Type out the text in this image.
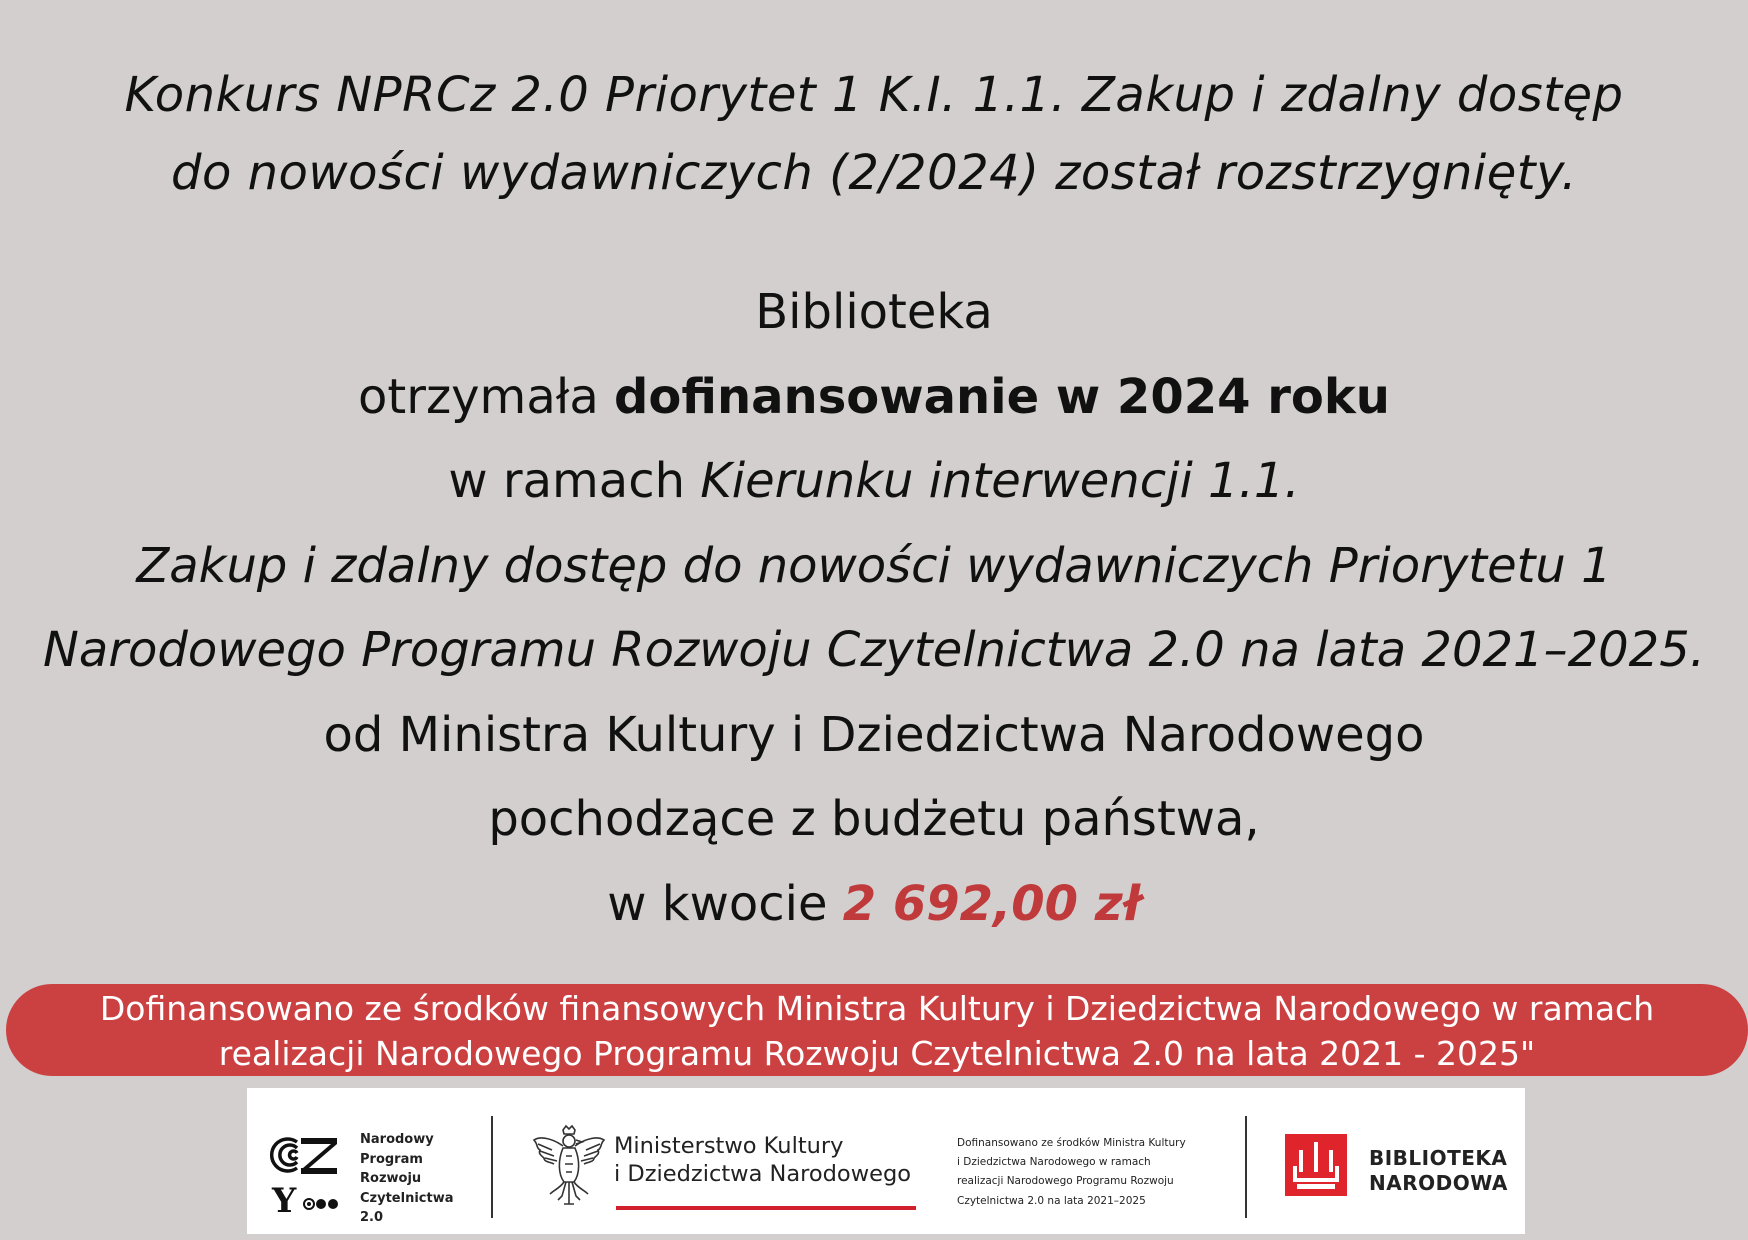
Konkurs NPRCz 2.0 Priorytet 1 K.I. 1.1. Zakup i zdalny dostęp
do nowości wydawniczych (2/2024) został rozstrzygnięty.
Biblioteka
otrzymała dofinansowanie w 2024 roku
w ramach Kierunku interwencji 1.1.
Zakup i zdalny dostęp do nowości wydawniczych Priorytetu 1
Narodowego Programu Rozwoju Czytelnictwa 2.0 na lata 2021–2025.
od Ministra Kultury i Dziedzictwa Narodowego
pochodzące z budżetu państwa,
w kwocie 2 692,00 zł
Dofinansowano ze środków finansowych Ministra Kultury i Dziedzictwa Narodowego w ramach
realizacji Narodowego Programu Rozwoju Czytelnictwa 2.0 na lata 2021 - 2025"
Y
Narodowy
Program
Rozwoju
Czytelnictwa
2.0
Ministerstwo Kultury
i Dziedzictwa Narodowego
Dofinansowano ze środków Ministra Kultury
i Dziedzictwa Narodowego w ramach
realizacji Narodowego Programu Rozwoju
Czytelnictwa 2.0 na lata 2021–2025
BIBLIOTEKA
NARODOWA
